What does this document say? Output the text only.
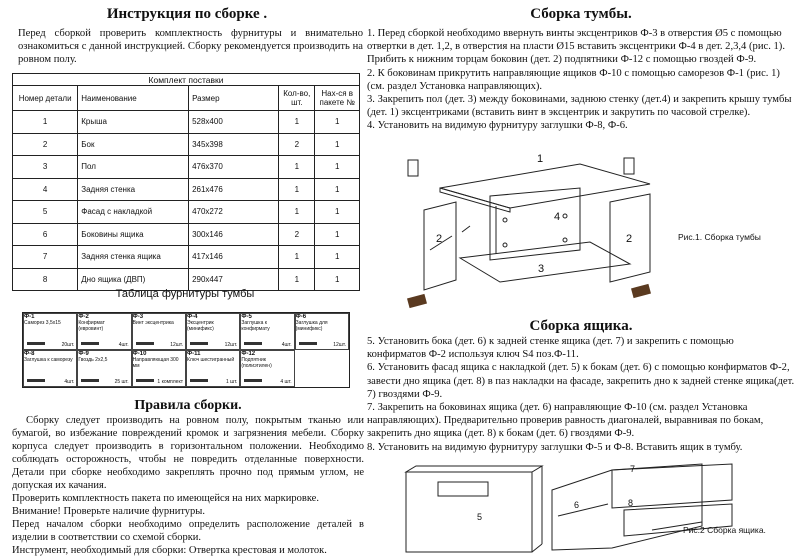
Инструкция по сборке .

Перед сборкой проверить комплектность фурнитуры и внимательно ознакомиться с данной инструкцией. Сборку рекомендуется производить на ровном полу.

Комплект поставки				
Номер детали	Наименование	Размер	Кол-во, шт.	Нах-ся в пакете №
1	Крыша	528x400	1	1
2	Бок	345x398	2	1
3	Пол	476x370	1	1
4	Задняя стенка	261x476	1	1
5	Фасад с накладкой	470x272	1	1
6	Боковины ящика	300x146	2	1
7	Задняя стенка ящика	417x146	1	1
8	Дно ящика (ДВП)	290x447	1	1
Таблица фурнитуры тумбы
Ф-1
Саморез 3,5x15
20шт.
Ф-2
Конфирмат (евровинт)
4шт.
Ф-3
Винт эксцентрика
12шт.
Ф-4
Эксцентрик (минификс)
12шт.
Ф-5
Заглушка к конфирмату
4шт.
Ф-6
Заглушка для (минификс)
12шт.
Ф-8
Заглушка к саморезу
4шт.
Ф-9
Гвоздь 2x2,5
25 шт.
Ф-10
Направляющая 300 мм
1 комплект
Ф-11
Ключ шестигранный
1 шт.
Ф-12
Подпятник (полиэтилен)
4 шт.
Правила сборки.

Сборку следует производить на ровном полу, покрытым тканью или бумагой, во избежание повреждений кромок и загрязнения мебели. Сборку корпуса следует производить в горизонтальном положении. Необходимо соблюдать осторожность, чтобы не повредить отделанные поверхности. Детали при сборке необходимо закреплять прочно под прямым углом, не допуская их качания.

Проверить комплектность пакета по имеющейся на них маркировке.

Внимание! Проверьте наличие фурнитуры.

Перед началом сборки необходимо определить расположение деталей в изделии в соответствии со схемой сборки.

Инструмент, необходимый для сборки: Отвертка крестовая и молоток.

Сборка тумбы.

1. Перед сборкой необходимо ввернуть винты эксцентриков Ф-3 в отверстия Ø5 с помощью отвертки в дет. 1,2, в отверстия на пласти Ø15 вставить эксцентрики Ф-4 в дет. 2,3,4 (рис. 1). Прибить к нижним торцам боковин (дет. 2) подпятники Ф-12 с помощью гвоздей Ф-9.

2. К боковинам прикрутить направляющие ящиков Ф-10 с помощью саморезов Ф-1 (рис. 1)(см. раздел Установка направляющих).

3. Закрепить пол (дет. 3) между боковинами, заднюю стенку (дет.4) и закрепить крышу тумбы (дет. 1) эксцентриками (вставить винт в эксцентрик и закрутить по часовой стрелке).

4. Установить на видимую фурнитуру заглушки Ф-8, Ф-6.

1
2	2
3
4
Рис.1. Сборка тумбы
Сборка ящика.

5. Установить бока (дет. 6) к задней стенке ящика (дет. 7) и закрепить с помощью конфирматов Ф-2 используя ключ S4 поз.Ф-11.

6. Установить фасад ящика с накладкой (дет. 5) к бокам (дет. 6) с помощью конфирматов Ф-2, завести дно ящика (дет. 8) в паз накладки на фасаде, закрепить дно к задней стенке ящика(дет. 7) гвоздями Ф-9.

7. Закрепить на боковинах ящика (дет. 6) направляющие Ф-10 (см. раздел Установка направляющих). Предварительно проверив равность диагоналей, выравнивая по бокам, закрепить дно ящика (дет. 8) к бокам (дет. 6) гвоздями Ф-9.

8. Установить на видимую фурнитуру заглушки Ф-5 и Ф-8. Вставить ящик в тумбу.

5
6
7
8
Рис.2 Сборка ящика.
